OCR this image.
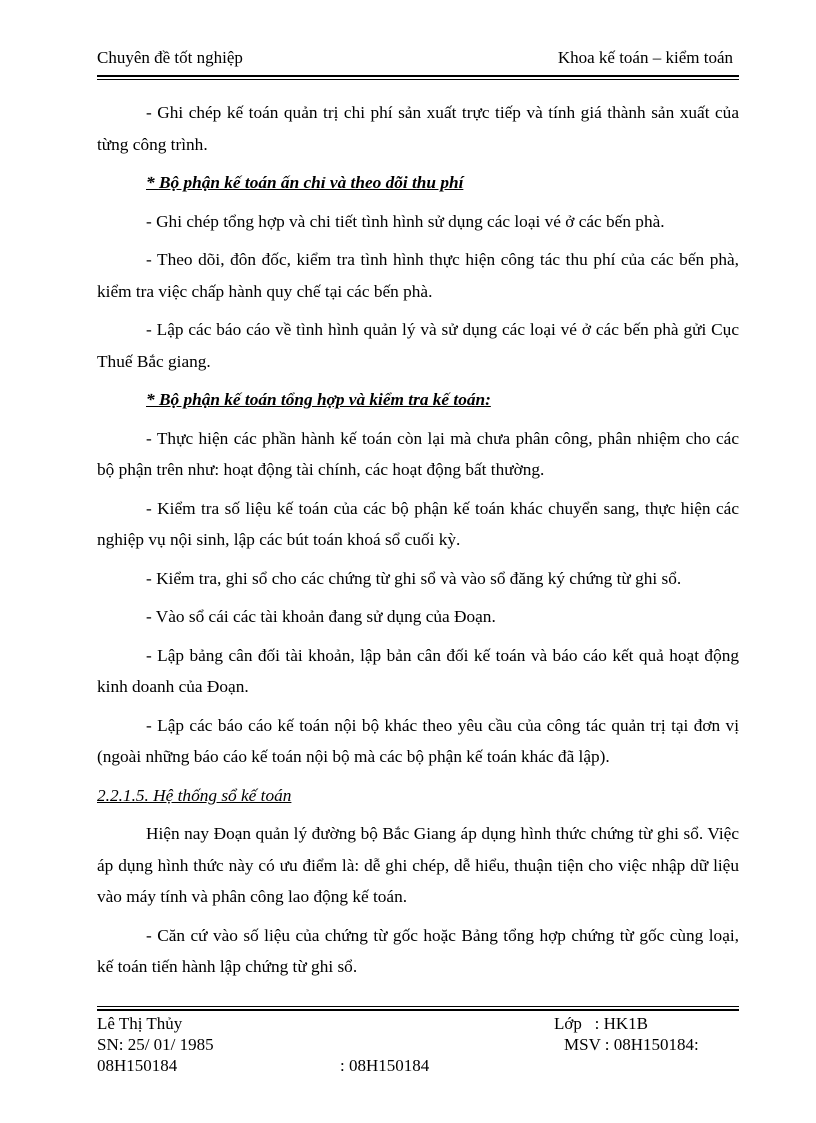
Chuyên đề tốt nghiệp	Khoa kế toán – kiểm toán

- Ghi chép kế toán quản trị chi phí sản xuất trực tiếp và tính giá thành sản xuất của từng công trình.

* Bộ phận kế toán ấn chỉ và theo dõi thu phí

- Ghi chép tổng hợp và chi tiết tình hình sử dụng các loại vé ở các bến phà.

- Theo dõi, đôn đốc, kiểm tra tình hình thực hiện công tác thu phí của các bến phà, kiểm tra việc chấp hành quy chế tại các bến phà.

- Lập các báo cáo về tình hình quản lý và sử dụng các loại vé ở các bến phà gửi Cục Thuế Bắc giang.

* Bộ phận kế toán tổng hợp và kiểm tra kế toán:

- Thực hiện các phần hành kế toán còn lại mà chưa phân công, phân nhiệm cho các bộ phận trên như: hoạt động tài chính, các hoạt động bất thường.

- Kiểm tra số liệu kế toán của các bộ phận kế toán khác chuyển sang, thực hiện các nghiệp vụ nội sinh, lập các bút toán khoá sổ cuối kỳ.

- Kiểm tra, ghi sổ cho các chứng từ ghi sổ và vào sổ đăng ký chứng từ ghi sổ.

- Vào sổ cái các tài khoản đang sử dụng của Đoạn.

- Lập bảng cân đối tài khoản, lập bản cân đối kế toán và báo cáo kết quả hoạt động kinh doanh của Đoạn.

- Lập các báo cáo kế toán nội bộ khác theo yêu cầu của công tác quản trị tại đơn vị (ngoài những báo cáo kế toán nội bộ mà các bộ phận kế toán khác đã lập).

2.2.1.5. Hệ thống sổ kế toán

Hiện nay Đoạn quản lý đường bộ Bắc Giang áp dụng hình thức chứng từ ghi sổ. Việc áp dụng hình thức này có ưu điểm là: dễ ghi chép, dễ hiểu, thuận tiện cho việc nhập dữ liệu vào máy tính và phân công lao động kế toán.

- Căn cứ vào số liệu của chứng từ gốc hoặc Bảng tổng hợp chứng từ gốc cùng loại, kế toán tiến hành lập chứng từ ghi sổ.

Lê Thị Thủy	Lớp   : HK1B
SN: 25/ 01/ 1985	MSV : 08H150184:
08H150184	: 08H150184
